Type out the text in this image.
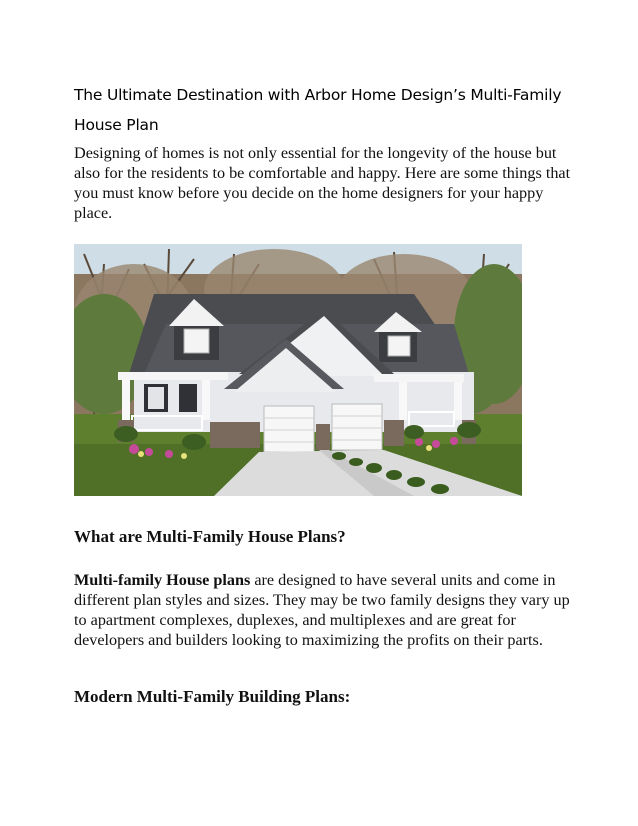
The Ultimate Destination with Arbor Home Design’s Multi-Family House Plan
Designing of homes is not only essential for the longevity of the house but also for the residents to be comfortable and happy. Here are some things that you must know before you decide on the home designers for your happy place.
What are Multi-Family House Plans?
Multi-family House plans are designed to have several units and come in different plan styles and sizes. They may be two family designs they vary up to apartment complexes, duplexes, and multiplexes and are great for developers and builders looking to maximizing the profits on their parts.
Modern Multi-Family Building Plans:
